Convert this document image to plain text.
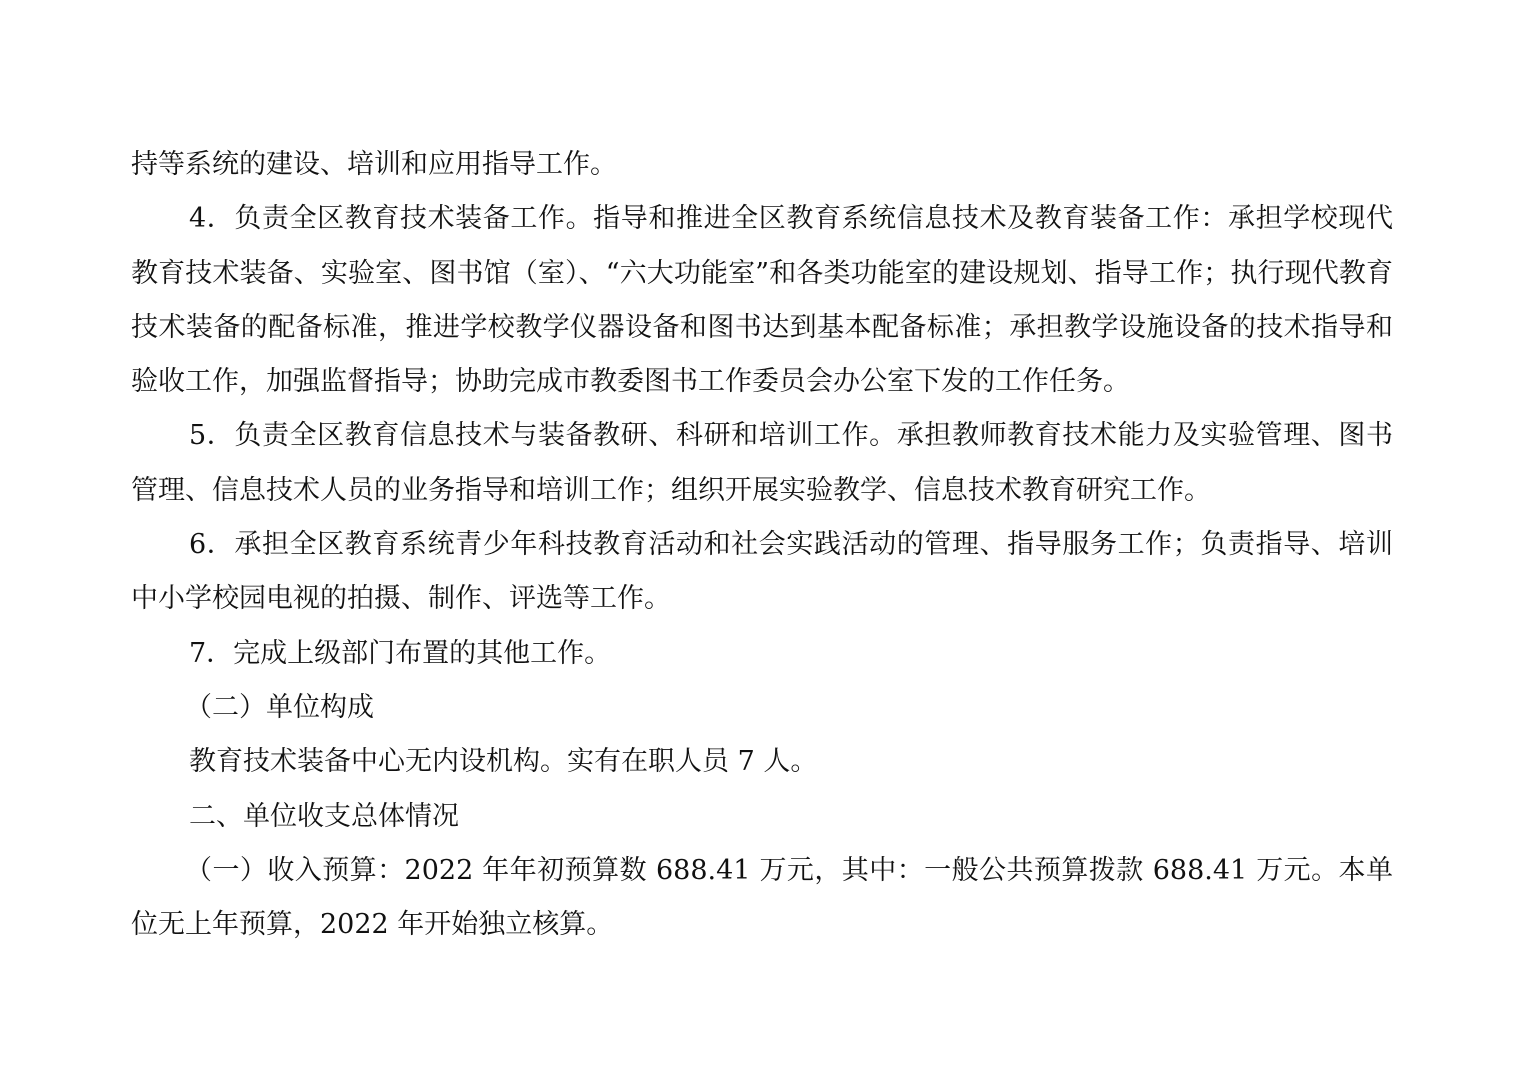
持等系统的建设、培训和应用指导工作。

4．负责全区教育技术装备工作。指导和推进全区教育系统信息技术及教育装备工作：承担学校现代教育技术装备、实验室、图书馆（室）、“六大功能室”和各类功能室的建设规划、指导工作；执行现代教育技术装备的配备标准，推进学校教学仪器设备和图书达到基本配备标准；承担教学设施设备的技术指导和验收工作，加强监督指导；协助完成市教委图书工作委员会办公室下发的工作任务。

5．负责全区教育信息技术与装备教研、科研和培训工作。承担教师教育技术能力及实验管理、图书管理、信息技术人员的业务指导和培训工作；组织开展实验教学、信息技术教育研究工作。

6．承担全区教育系统青少年科技教育活动和社会实践活动的管理、指导服务工作；负责指导、培训中小学校园电视的拍摄、制作、评选等工作。

7．完成上级部门布置的其他工作。

（二）单位构成

教育技术装备中心无内设机构。实有在职人员 7 人。

二、单位收支总体情况

（一）收入预算：2022 年年初预算数 688.41 万元，其中：一般公共预算拨款 688.41 万元。本单位无上年预算，2022 年开始独立核算。
